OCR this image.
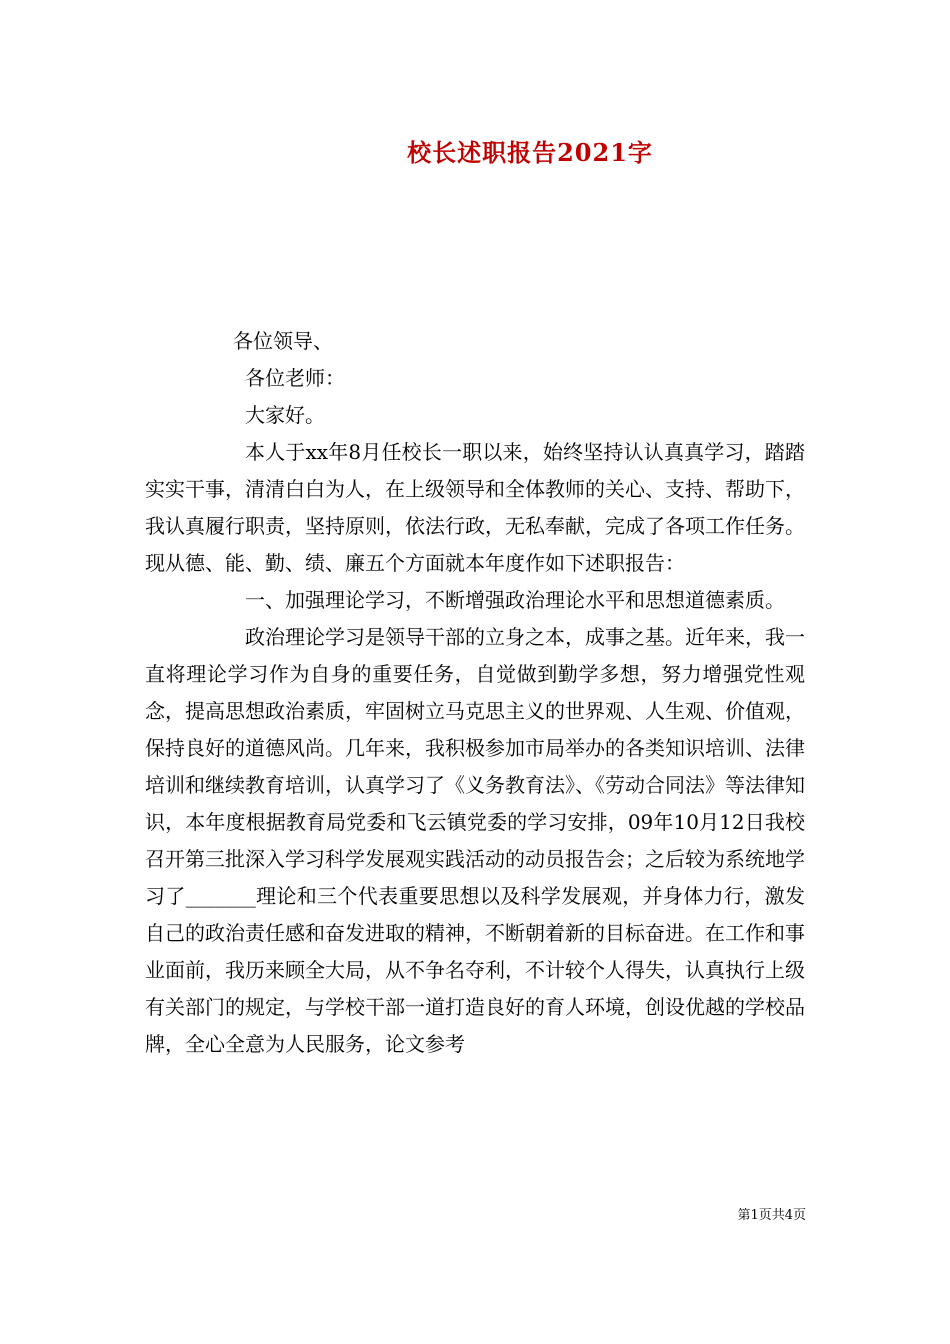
校长述职报告2021字

各位领导、

各位老师：

大家好。

本人于xx年8月任校长一职以来，始终坚持认认真真学习，踏踏实实干事，清清白白为人，在上级领导和全体教师的关心、支持、帮助下，我认真履行职责，坚持原则，依法行政，无私奉献，完成了各项工作任务。现从德、能、勤、绩、廉五个方面就本年度作如下述职报告：

一、加强理论学习，不断增强政治理论水平和思想道德素质。

政治理论学习是领导干部的立身之本，成事之基。近年来，我一直将理论学习作为自身的重要任务，自觉做到勤学多想，努力增强党性观念，提高思想政治素质，牢固树立马克思主义的世界观、人生观、价值观，保持良好的道德风尚。几年来，我积极参加市局举办的各类知识培训、法律培训和继续教育培训，认真学习了《义务教育法》、《劳动合同法》等法律知识，本年度根据教育局党委和飞云镇党委的学习安排，09年10月12日我校召开第三批深入学习科学发展观实践活动的动员报告会；之后较为系统地学习了_______理论和三个代表重要思想以及科学发展观，并身体力行，激发自己的政治责任感和奋发进取的精神，不断朝着新的目标奋进。在工作和事业面前，我历来顾全大局，从不争名夺利，不计较个人得失，认真执行上级有关部门的规定，与学校干部一道打造良好的育人环境，创设优越的学校品牌，全心全意为人民服务，论文参考

第1页共4页
